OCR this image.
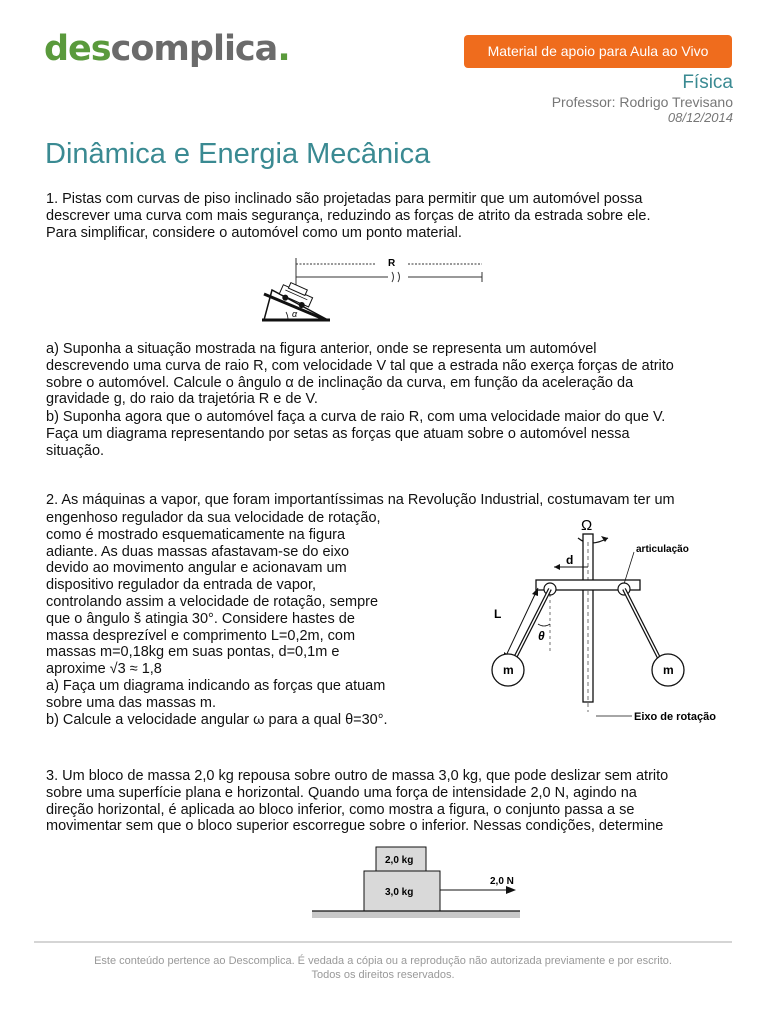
descomplica.	Material de apoio para Aula ao Vivo
Física
Professor: Rodrigo Trevisano
08/12/2014
Dinâmica e Energia Mecânica
1. Pistas com curvas de piso inclinado são projetadas para permitir que um automóvel possa
descrever uma curva com mais segurança, reduzindo as forças de atrito da estrada sobre ele.
Para simplificar, considere o automóvel como um ponto material.
R
α
a) Suponha a situação mostrada na figura anterior, onde se representa um automóvel
descrevendo uma curva de raio R, com velocidade V tal que a estrada não exerça forças de atrito
sobre o automóvel. Calcule o ângulo α de inclinação da curva, em função da aceleração da
gravidade g, do raio da trajetória R e de V.
b) Suponha agora que o automóvel faça a curva de raio R, com uma velocidade maior do que V.
Faça um diagrama representando por setas as forças que atuam sobre o automóvel nessa
situação.
2. As máquinas a vapor, que foram importantíssimas na Revolução Industrial, costumavam ter um
engenhoso regulador da sua velocidade de rotação,
como é mostrado esquematicamente na figura
adiante. As duas massas afastavam-se do eixo
devido ao movimento angular e acionavam um
dispositivo regulador da entrada de vapor,
controlando assim a velocidade de rotação, sempre
que o ângulo š atingia 30°. Considere hastes de
massa desprezível e comprimento L=0,2m, com
massas m=0,18kg em suas pontas, d=0,1m e
aproxime √3 ≈ 1,8
a) Faça um diagrama indicando as forças que atuam
sobre uma das massas m.
b) Calcule a velocidade angular ω para a qual θ=30°.
Ω
d
articulação
θ
L
m	m
Eixo de rotação
3. Um bloco de massa 2,0 kg repousa sobre outro de massa 3,0 kg, que pode deslizar sem atrito
sobre uma superfície plana e horizontal. Quando uma força de intensidade 2,0 N, agindo na
direção horizontal, é aplicada ao bloco inferior, como mostra a figura, o conjunto passa a se
movimentar sem que o bloco superior escorregue sobre o inferior. Nessas condições, determine
2,0 kg
3,0 kg
2,0 N
Este conteúdo pertence ao Descomplica. É vedada a cópia ou a reprodução não autorizada previamente e por escrito.
Todos os direitos reservados.
